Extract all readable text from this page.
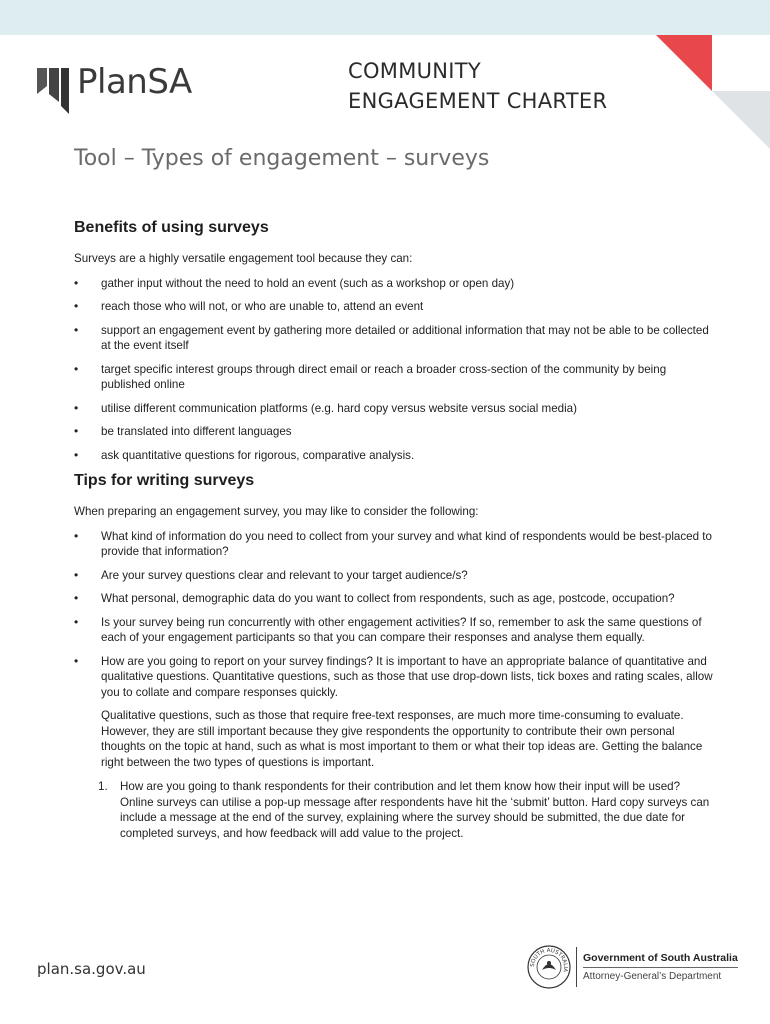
PlanSA	COMMUNITY
ENGAGEMENT CHARTER
Tool – Types of engagement – surveys
Benefits of using surveys

Surveys are a highly versatile engagement tool because they can:

• gather input without the need to hold an event (such as a workshop or open day)
• reach those who will not, or who are unable to, attend an event
• support an engagement event by gathering more detailed or additional information that may not be able to be collected at the event itself
• target specific interest groups through direct email or reach a broader cross-section of the community by being published online
• utilise different communication platforms (e.g. hard copy versus website versus social media)
• be translated into different languages
• ask quantitative questions for rigorous, comparative analysis.
Tips for writing surveys

When preparing an engagement survey, you may like to consider the following:

• What kind of information do you need to collect from your survey and what kind of respondents would be best-placed to provide that information?
• Are your survey questions clear and relevant to your target audience/s?
• What personal, demographic data do you want to collect from respondents, such as age, postcode, occupation?
• Is your survey being run concurrently with other engagement activities? If so, remember to ask the same questions of each of your engagement participants so that you can compare their responses and analyse them equally.
• How are you going to report on your survey findings? It is important to have an appropriate balance of quantitative and qualitative questions. Quantitative questions, such as those that use drop-down lists, tick boxes and rating scales, allow you to collate and compare responses quickly.

Qualitative questions, such as those that require free-text responses, are much more time-consuming to evaluate. However, they are still important because they give respondents the opportunity to contribute their own personal thoughts on the topic at hand, such as what is most important to them or what their top ideas are. Getting the balance right between the two types of questions is important.

1. How are you going to thank respondents for their contribution and let them know how their input will be used? Online surveys can utilise a pop-up message after respondents have hit the ‘submit’ button. Hard copy surveys can include a message at the end of the survey, explaining where the survey should be submitted, the due date for completed surveys, and how feedback will add value to the project.
plan.sa.gov.au	SOUTH AUSTRALIA
Government of South Australia
Attorney-General’s Department
